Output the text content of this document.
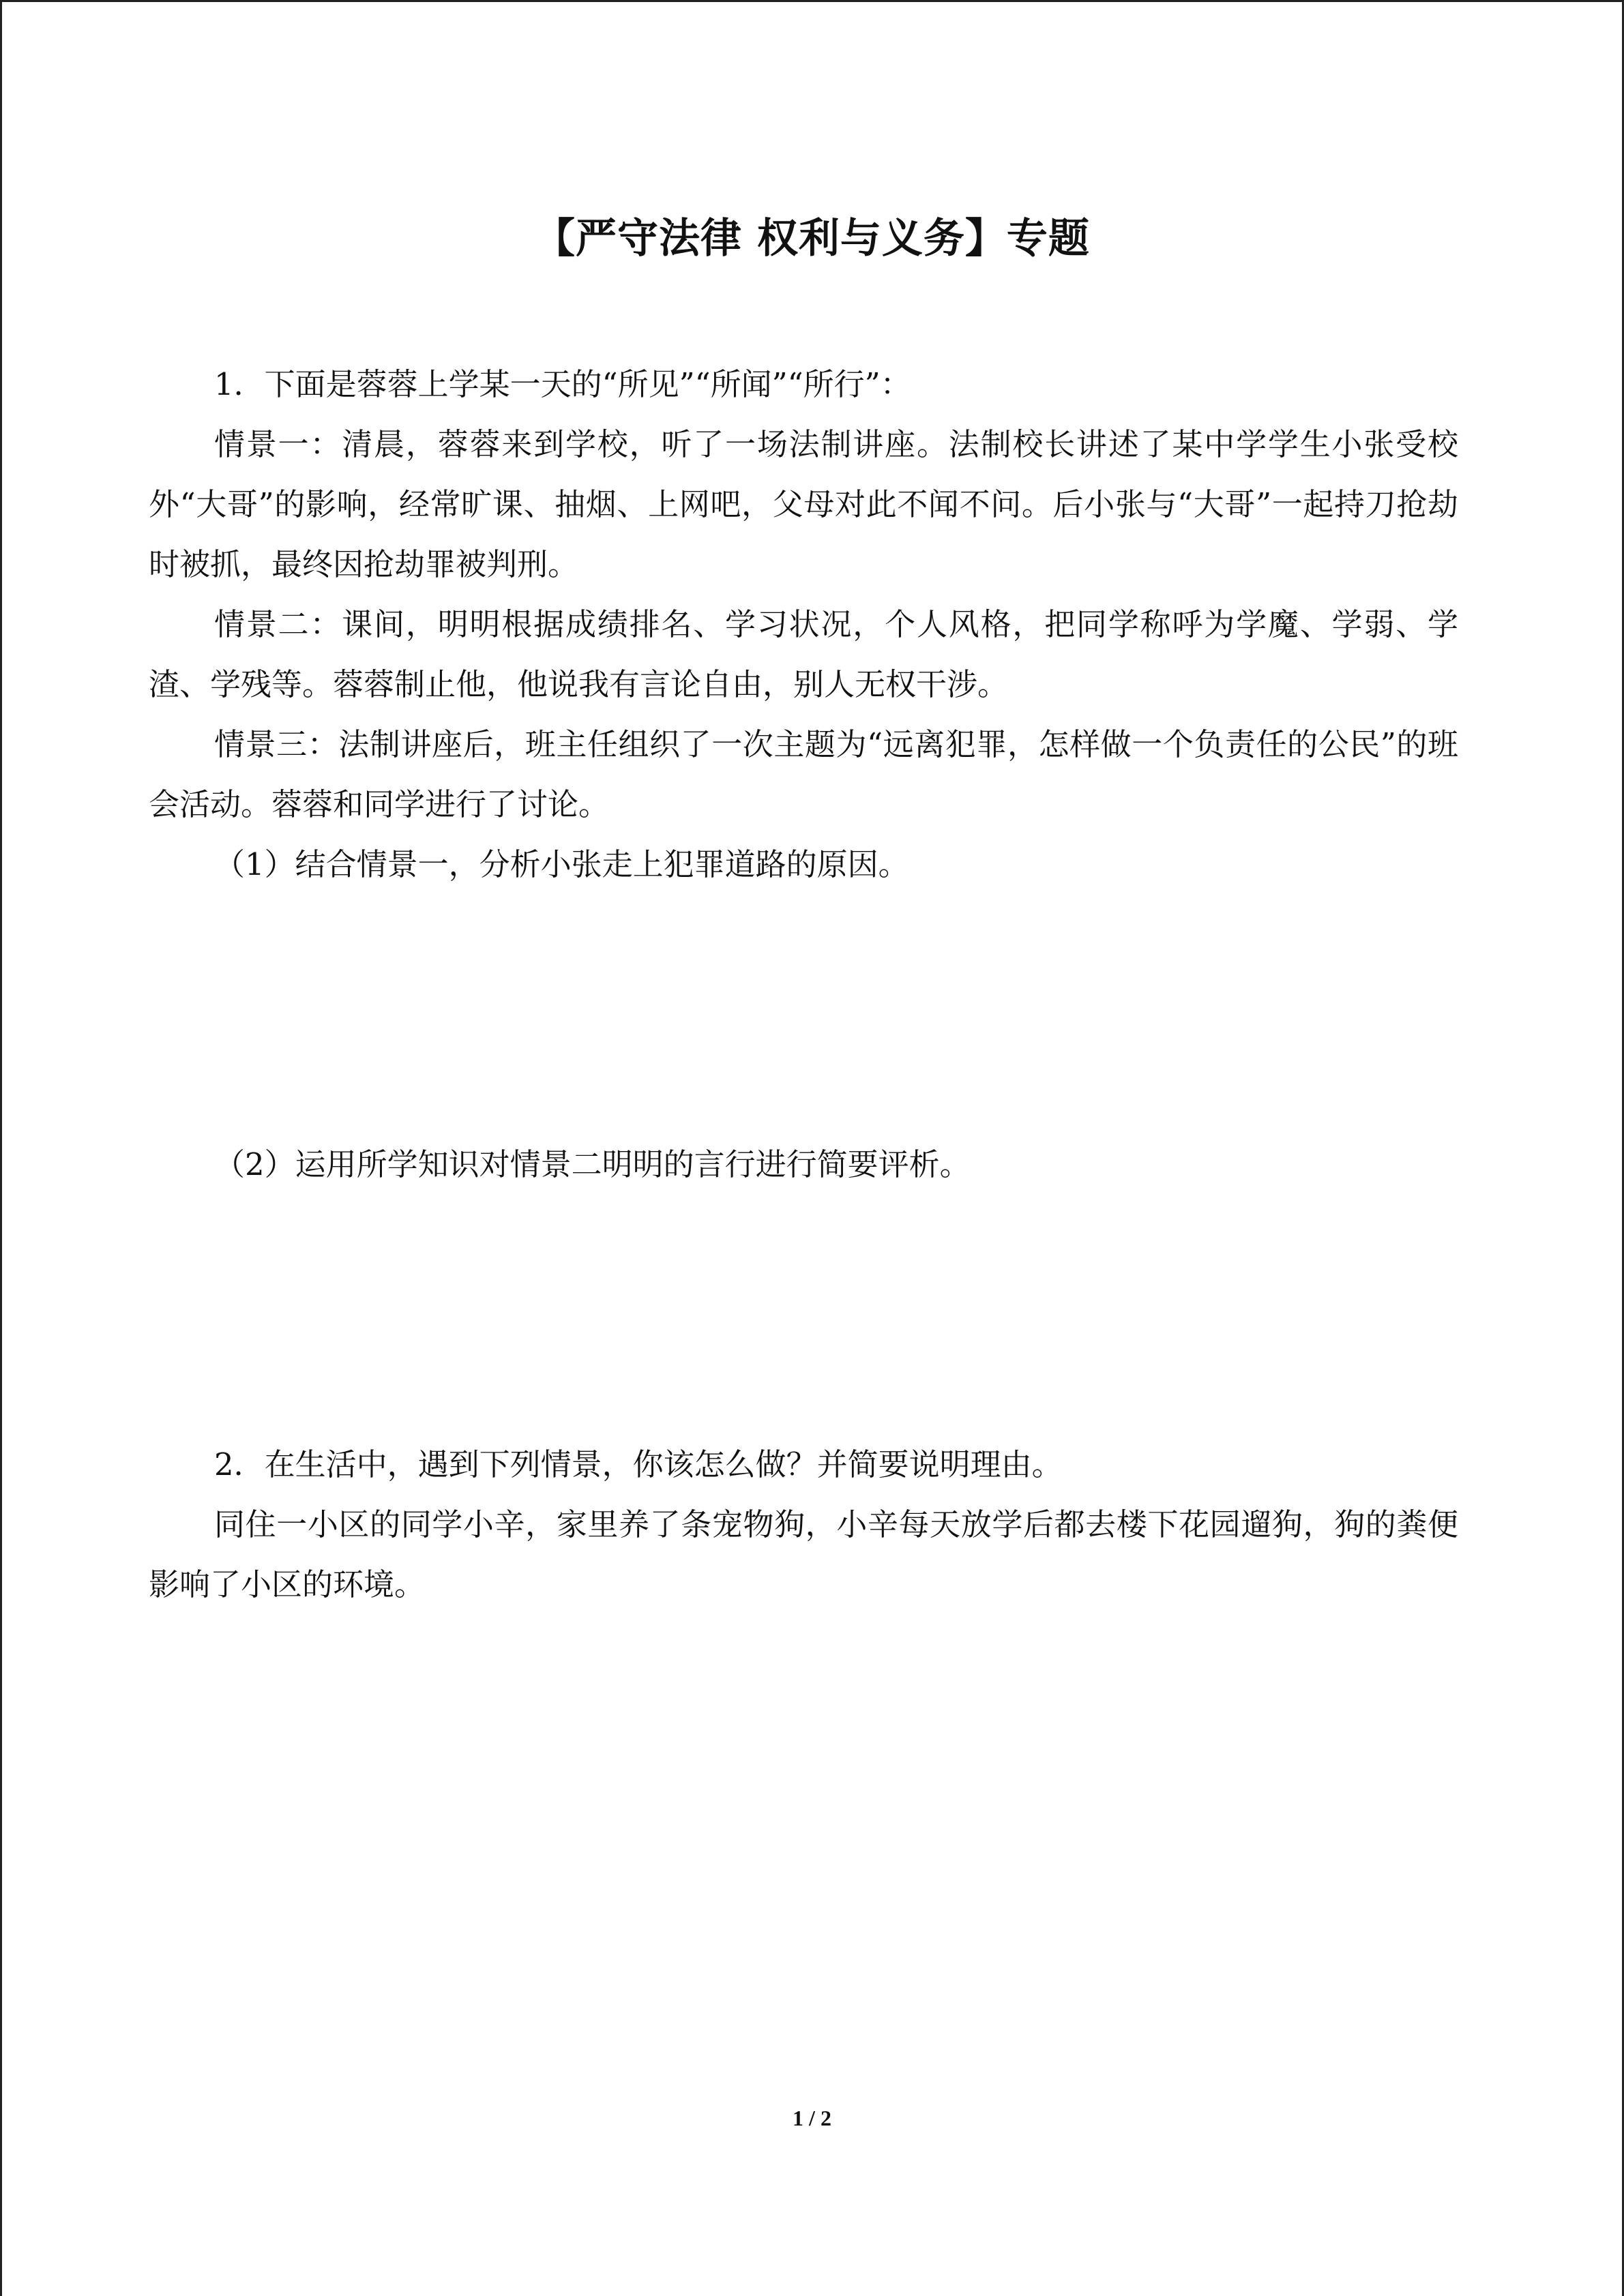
【严守法律 权利与义务】专题

1．下面是蓉蓉上学某一天的“所见”“所闻”“所行”：

情景一：清晨，蓉蓉来到学校，听了一场法制讲座。法制校长讲述了某中学学生小张受校外“大哥”的影响，经常旷课、抽烟、上网吧，父母对此不闻不问。后小张与“大哥”一起持刀抢劫时被抓，最终因抢劫罪被判刑。

情景二：课间，明明根据成绩排名、学习状况，个人风格，把同学称呼为学魔、学弱、学渣、学残等。蓉蓉制止他，他说我有言论自由，别人无权干涉。

情景三：法制讲座后，班主任组织了一次主题为“远离犯罪，怎样做一个负责任的公民”的班会活动。蓉蓉和同学进行了讨论。

（1）结合情景一，分析小张走上犯罪道路的原因。

（2）运用所学知识对情景二明明的言行进行简要评析。

2．在生活中，遇到下列情景，你该怎么做？并简要说明理由。

同住一小区的同学小辛，家里养了条宠物狗，小辛每天放学后都去楼下花园遛狗，狗的粪便影响了小区的环境。

1 / 2
